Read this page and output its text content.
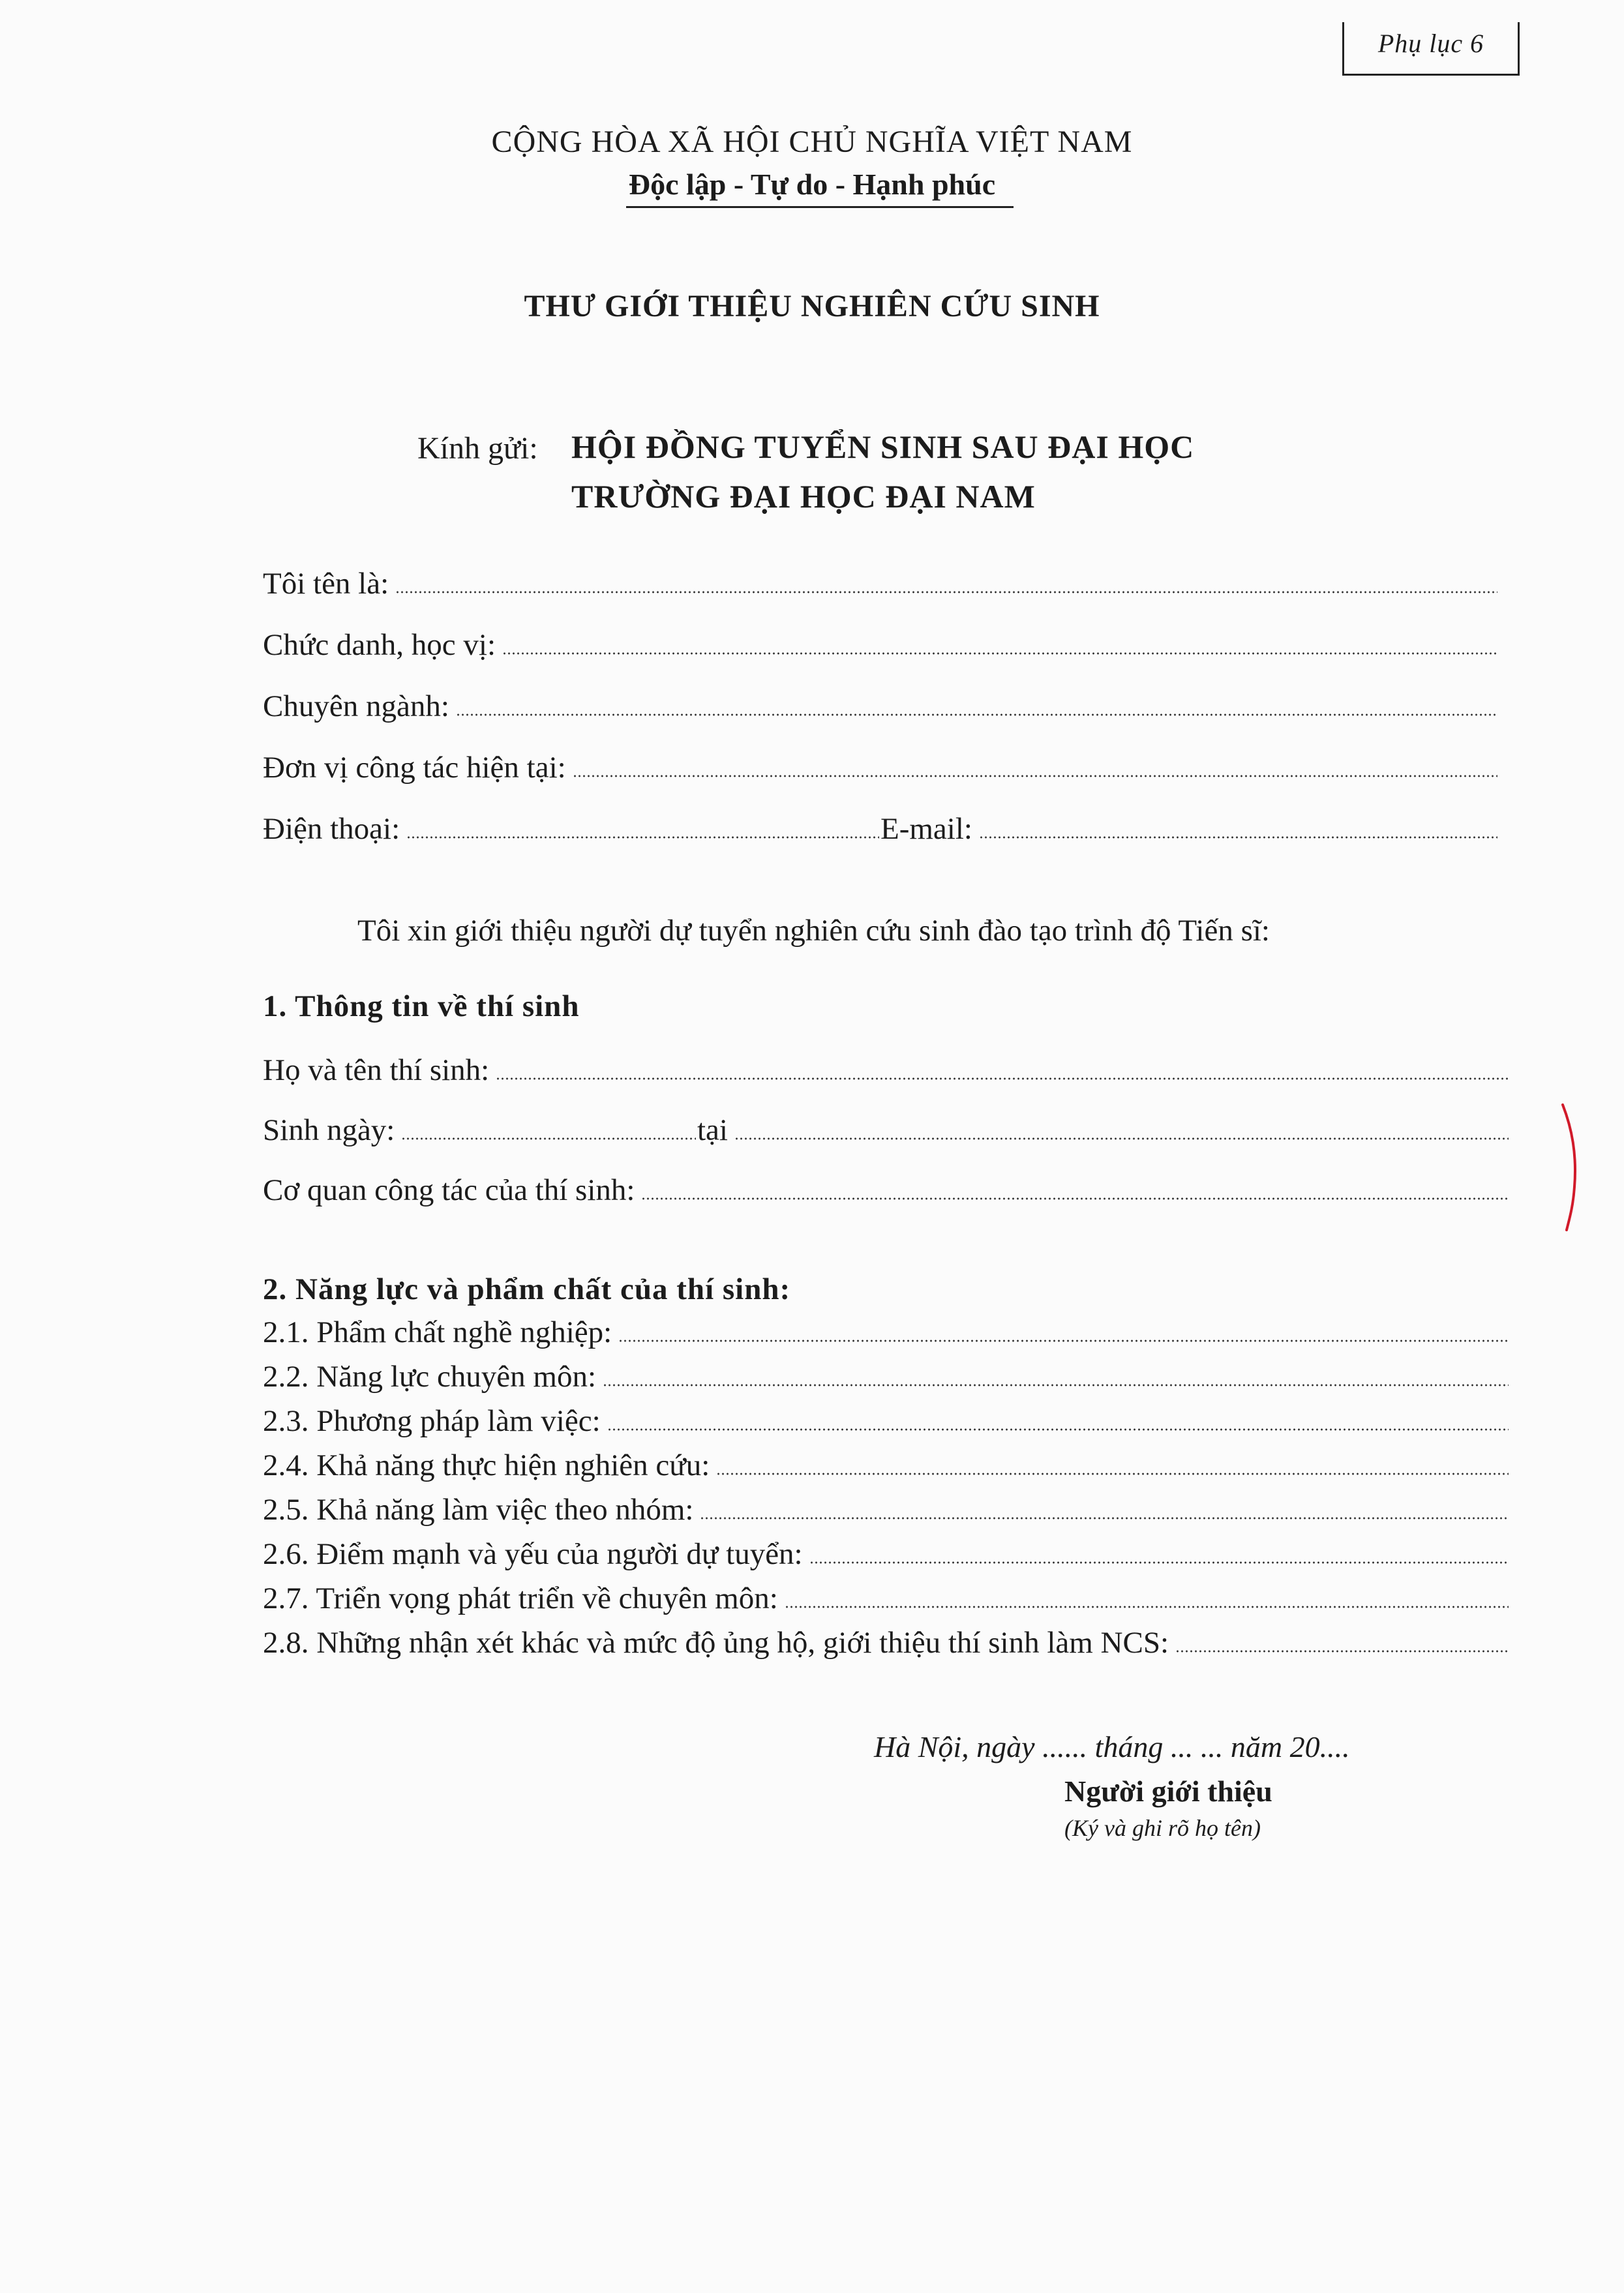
Phụ lục 6
CỘNG HÒA XÃ HỘI CHỦ NGHĨA VIỆT NAM
Độc lập - Tự do - Hạnh phúc
THƯ GIỚI THIỆU NGHIÊN CỨU SINH
Kính gửi: HỘI ĐỒNG TUYỂN SINH SAU ĐẠI HỌC
TRƯỜNG ĐẠI HỌC ĐẠI NAM
Tôi tên là:
Chức danh, học vị:
Chuyên ngành:
Đơn vị công tác hiện tại:
Điện thoại:	E-mail:
Tôi xin giới thiệu người dự tuyển nghiên cứu sinh đào tạo trình độ Tiến sĩ:
1. Thông tin về thí sinh
Họ và tên thí sinh:
Sinh ngày:	tại
Cơ quan công tác của thí sinh:
2. Năng lực và phẩm chất của thí sinh:
2.1. Phẩm chất nghề nghiệp:
2.2. Năng lực chuyên môn:
2.3. Phương pháp làm việc:
2.4. Khả năng thực hiện nghiên cứu:
2.5. Khả năng làm việc theo nhóm:
2.6. Điểm mạnh và yếu của người dự tuyển:
2.7. Triển vọng phát triển về chuyên môn:
2.8. Những nhận xét khác và mức độ ủng hộ, giới thiệu thí sinh làm NCS:
Hà Nội, ngày ...... tháng ... ... năm 20....
Người giới thiệu
(Ký và ghi rõ họ tên)
